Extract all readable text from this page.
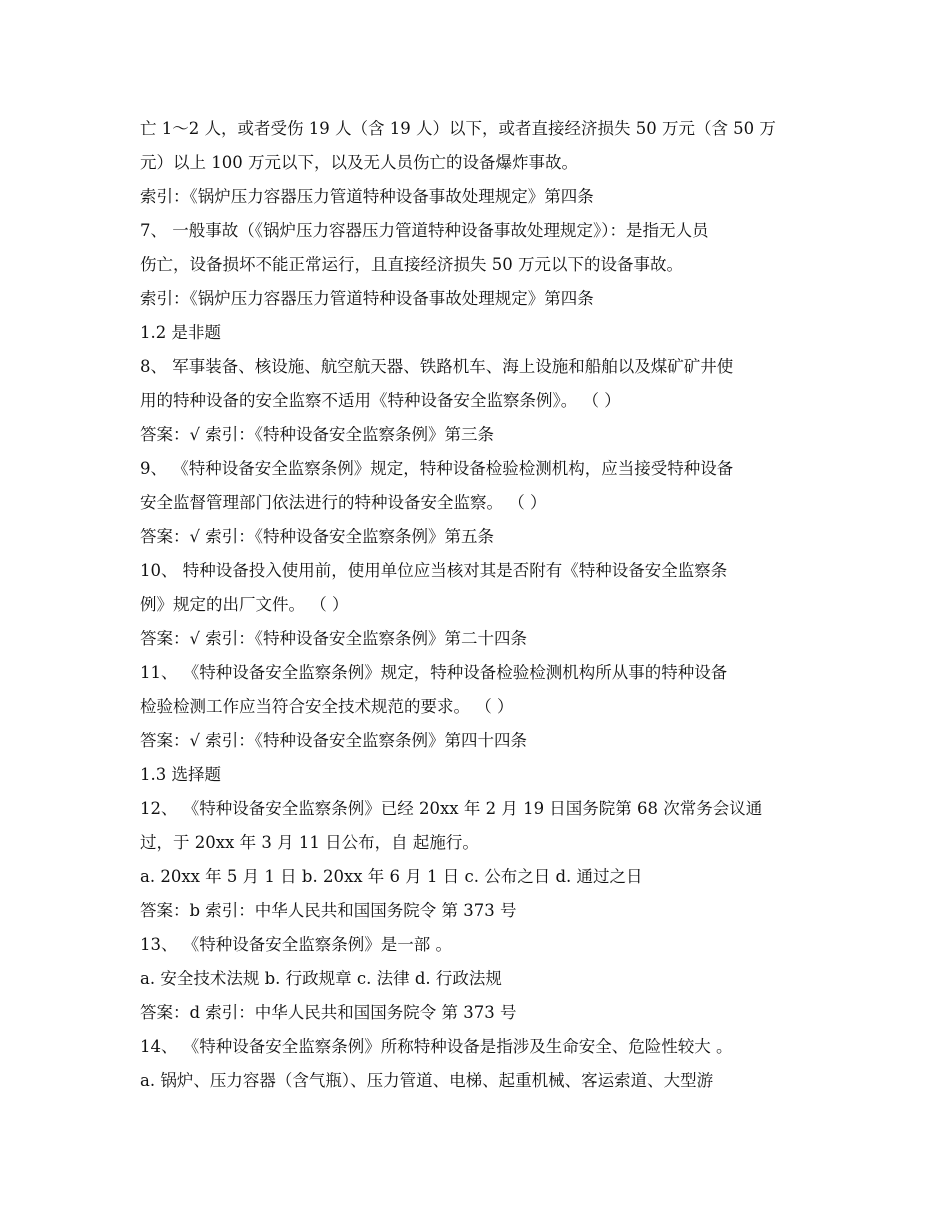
亡 1～2 人，或者受伤 19 人（含 19 人）以下，或者直接经济损失 50 万元（含 50 万
元）以上 100 万元以下，以及无人员伤亡的设备爆炸事故。
索引：《锅炉压力容器压力管道特种设备事故处理规定》第四条
7、 一般事故（《锅炉压力容器压力管道特种设备事故处理规定》）：是指无人员
伤亡，设备损坏不能正常运行，且直接经济损失 50 万元以下的设备事故。
索引：《锅炉压力容器压力管道特种设备事故处理规定》第四条
1.2 是非题
8、 军事装备、核设施、航空航天器、铁路机车、海上设施和船舶以及煤矿矿井使
用的特种设备的安全监察不适用《特种设备安全监察条例》。 （ ）
答案：√ 索引：《特种设备安全监察条例》第三条
9、 《特种设备安全监察条例》规定，特种设备检验检测机构，应当接受特种设备
安全监督管理部门依法进行的特种设备安全监察。 （ ）
答案：√ 索引：《特种设备安全监察条例》第五条
10、 特种设备投入使用前，使用单位应当核对其是否附有《特种设备安全监察条
例》规定的出厂文件。 （ ）
答案：√ 索引：《特种设备安全监察条例》第二十四条
11、 《特种设备安全监察条例》规定，特种设备检验检测机构所从事的特种设备
检验检测工作应当符合安全技术规范的要求。 （ ）
答案：√ 索引：《特种设备安全监察条例》第四十四条
1.3 选择题
12、 《特种设备安全监察条例》已经 20xx 年 2 月 19 日国务院第 68 次常务会议通
过，于 20xx 年 3 月 11 日公布，自 起施行。
a. 20xx 年 5 月 1 日 b. 20xx 年 6 月 1 日 c. 公布之日 d. 通过之日
答案：b 索引：中华人民共和国国务院令 第 373 号
13、 《特种设备安全监察条例》是一部 。
a. 安全技术法规 b. 行政规章 c. 法律 d. 行政法规
答案：d 索引：中华人民共和国国务院令 第 373 号
14、 《特种设备安全监察条例》所称特种设备是指涉及生命安全、危险性较大 。
a. 锅炉、压力容器（含气瓶）、压力管道、电梯、起重机械、客运索道、大型游
